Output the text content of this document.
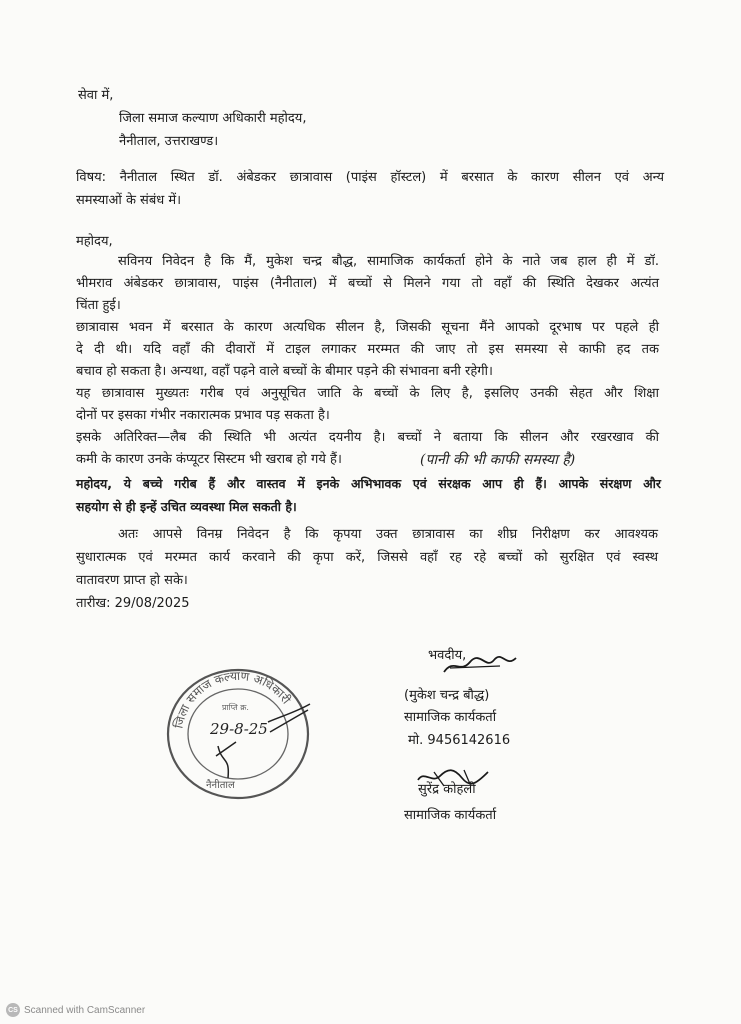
सेवा में,
जिला समाज कल्याण अधिकारी महोदय,
नैनीताल, उत्तराखण्ड।
विषय: नैनीताल स्थित डॉ. अंबेडकर छात्रावास (पाइंस हॉस्टल) में बरसात के कारण सीलन एवं अन्य
समस्याओं के संबंध में।
महोदय,
सविनय निवेदन है कि मैं, मुकेश चन्द्र बौद्ध, सामाजिक कार्यकर्ता होने के नाते जब हाल ही में डॉ.
भीमराव अंबेडकर छात्रावास, पाइंस (नैनीताल) में बच्चों से मिलने गया तो वहाँ की स्थिति देखकर अत्यंत
चिंता हुई।
छात्रावास भवन में बरसात के कारण अत्यधिक सीलन है, जिसकी सूचना मैंने आपको दूरभाष पर पहले ही
दे दी थी। यदि वहाँ की दीवारों में टाइल लगाकर मरम्मत की जाए तो इस समस्या से काफी हद तक
बचाव हो सकता है। अन्यथा, वहाँ पढ़ने वाले बच्चों के बीमार पड़ने की संभावना बनी रहेगी।
यह छात्रावास मुख्यतः गरीब एवं अनुसूचित जाति के बच्चों के लिए है, इसलिए उनकी सेहत और शिक्षा
दोनों पर इसका गंभीर नकारात्मक प्रभाव पड़ सकता है।
इसके अतिरिक्त—लैब की स्थिति भी अत्यंत दयनीय है। बच्चों ने बताया कि सीलन और रखरखाव की
कमी के कारण उनके कंप्यूटर सिस्टम भी खराब हो गये हैं।	(पानी की भी काफी समस्या है)
महोदय, ये बच्चे गरीब हैं और वास्तव में इनके अभिभावक एवं संरक्षक आप ही हैं। आपके संरक्षण और
सहयोग से ही इन्हें उचित व्यवस्था मिल सकती है।
अतः आपसे विनम्र निवेदन है कि कृपया उक्त छात्रावास का शीघ्र निरीक्षण कर आवश्यक
सुधारात्मक एवं मरम्मत कार्य करवाने की कृपा करें, जिससे वहाँ रह रहे बच्चों को सुरक्षित एवं स्वस्थ
वातावरण प्राप्त हो सके।
तारीख: 29/08/2025
भवदीय,
(मुकेश चन्द्र बौद्ध)
सामाजिक कार्यकर्ता
मो. 9456142616
सुरेंद्र कोहली
सामाजिक कार्यकर्ता
जिला समाज कल्याण अधिकारी
प्राप्ति क्र.
नैनीताल
29-8-25
CS Scanned with CamScanner
